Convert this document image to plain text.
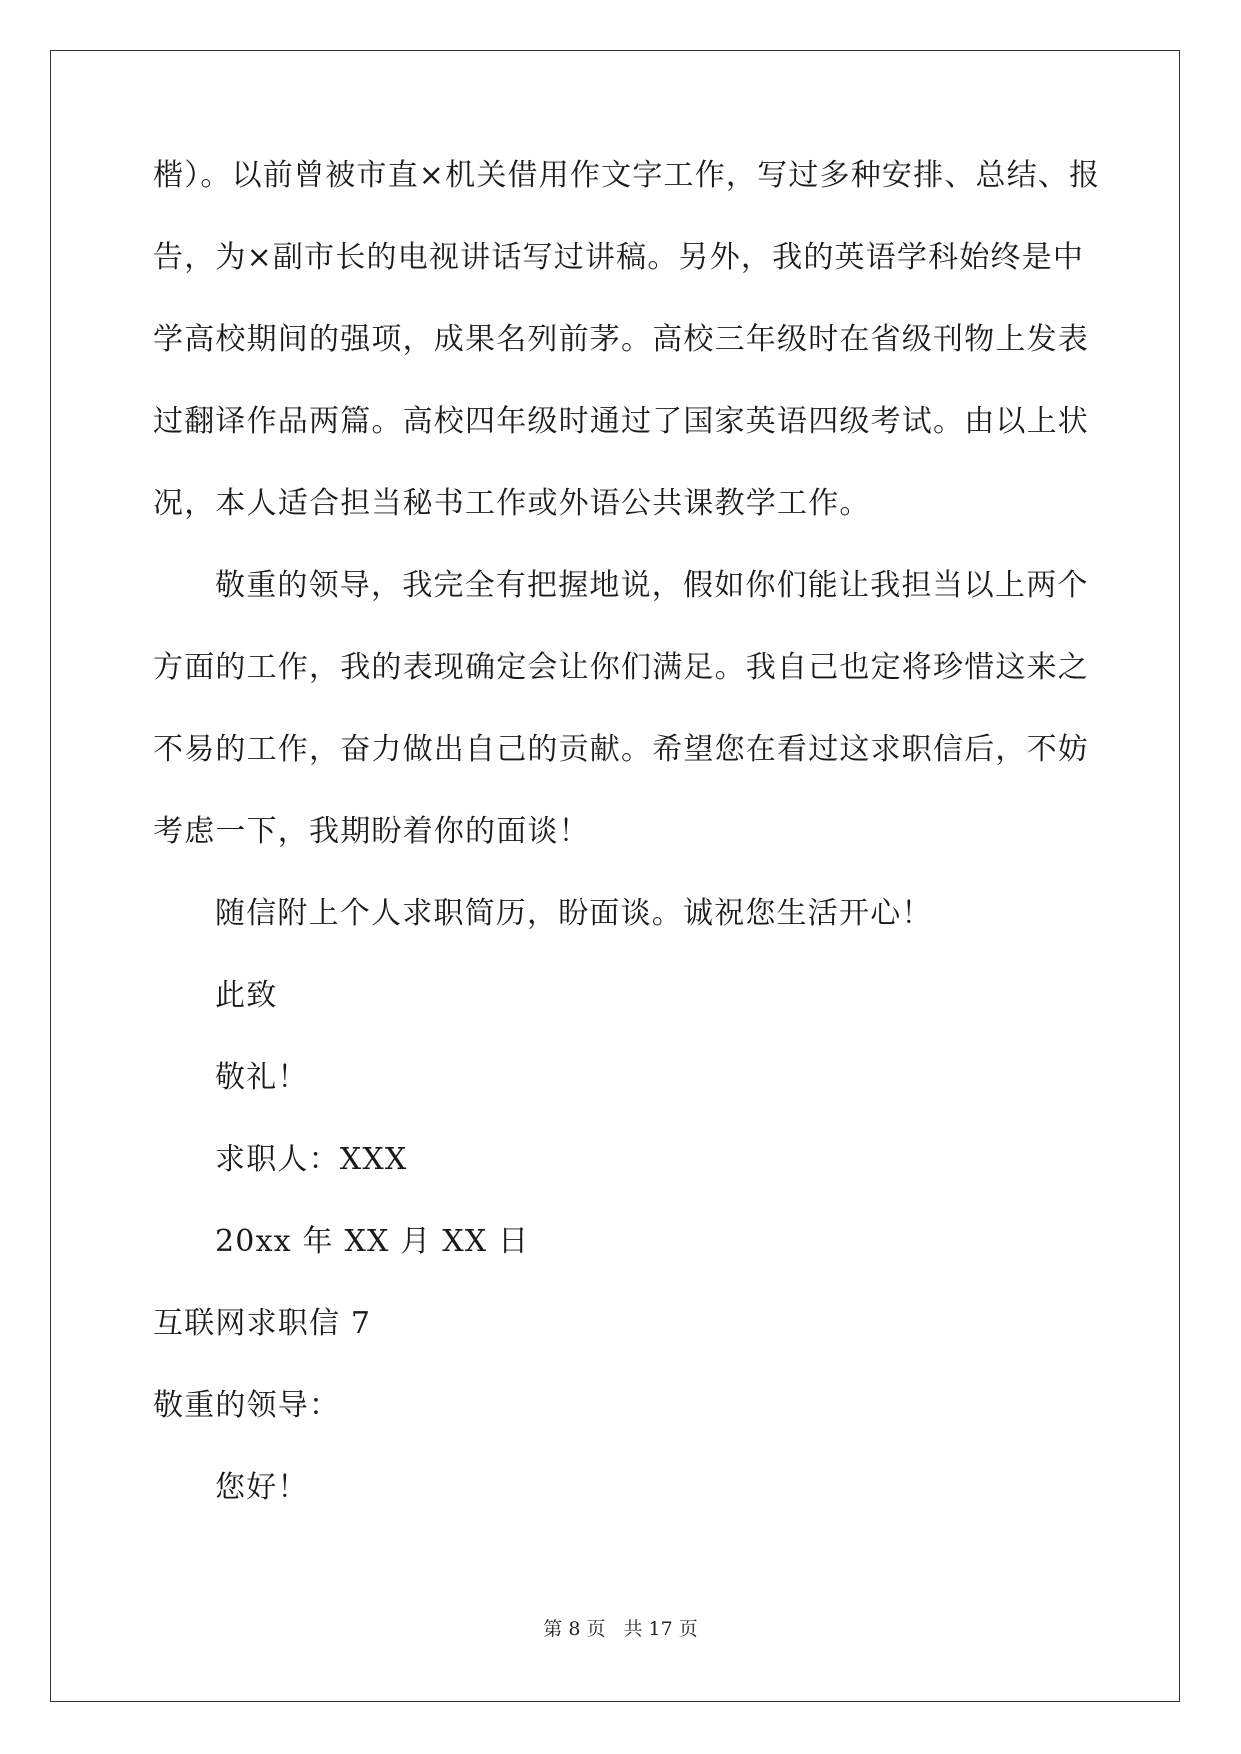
楷）。以前曾被市直×机关借用作文字工作，写过多种安排、总结、报
告，为×副市长的电视讲话写过讲稿。另外，我的英语学科始终是中
学高校期间的强项，成果名列前茅。高校三年级时在省级刊物上发表
过翻译作品两篇。高校四年级时通过了国家英语四级考试。由以上状
况，本人适合担当秘书工作或外语公共课教学工作。
敬重的领导，我完全有把握地说，假如你们能让我担当以上两个
方面的工作，我的表现确定会让你们满足。我自己也定将珍惜这来之
不易的工作，奋力做出自己的贡献。希望您在看过这求职信后，不妨
考虑一下，我期盼着你的面谈！
随信附上个人求职简历，盼面谈。诚祝您生活开心！
此致
敬礼！
求职人：XXX
20xx 年 XX 月 XX 日
互联网求职信 7
敬重的领导：
您好！
第 8 页 共 17 页
